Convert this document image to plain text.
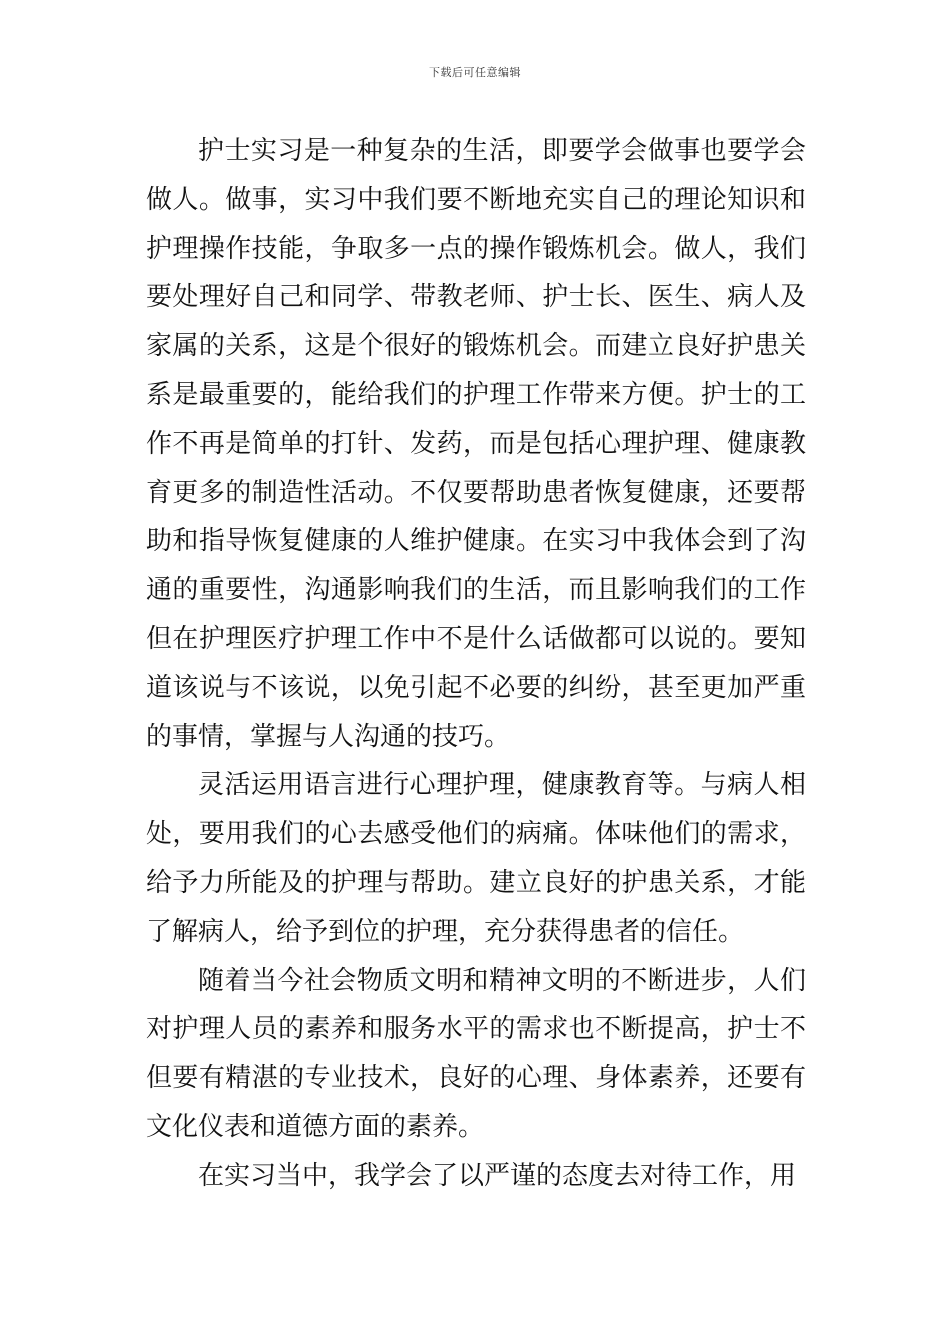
下载后可任意编辑

护士实习是一种复杂的生活，即要学会做事也要学会做人。做事，实习中我们要不断地充实自己的理论知识和护理操作技能，争取多一点的操作锻炼机会。做人，我们要处理好自己和同学、带教老师、护士长、医生、病人及家属的关系，这是个很好的锻炼机会。而建立良好护患关系是最重要的，能给我们的护理工作带来方便。护士的工作不再是简单的打针、发药，而是包括心理护理、健康教育更多的制造性活动。不仅要帮助患者恢复健康，还要帮助和指导恢复健康的人维护健康。在实习中我体会到了沟通的重要性，沟通影响我们的生活，而且影响我们的工作但在护理医疗护理工作中不是什么话做都可以说的。要知道该说与不该说，以免引起不必要的纠纷，甚至更加严重的事情，掌握与人沟通的技巧。

灵活运用语言进行心理护理，健康教育等。与病人相处，要用我们的心去感受他们的病痛。体味他们的需求，给予力所能及的护理与帮助。建立良好的护患关系，才能了解病人，给予到位的护理，充分获得患者的信任。

随着当今社会物质文明和精神文明的不断进步，人们对护理人员的素养和服务水平的需求也不断提高，护士不但要有精湛的专业技术，良好的心理、身体素养，还要有文化仪表和道德方面的素养。

在实习当中，我学会了以严谨的态度去对待工作，用
